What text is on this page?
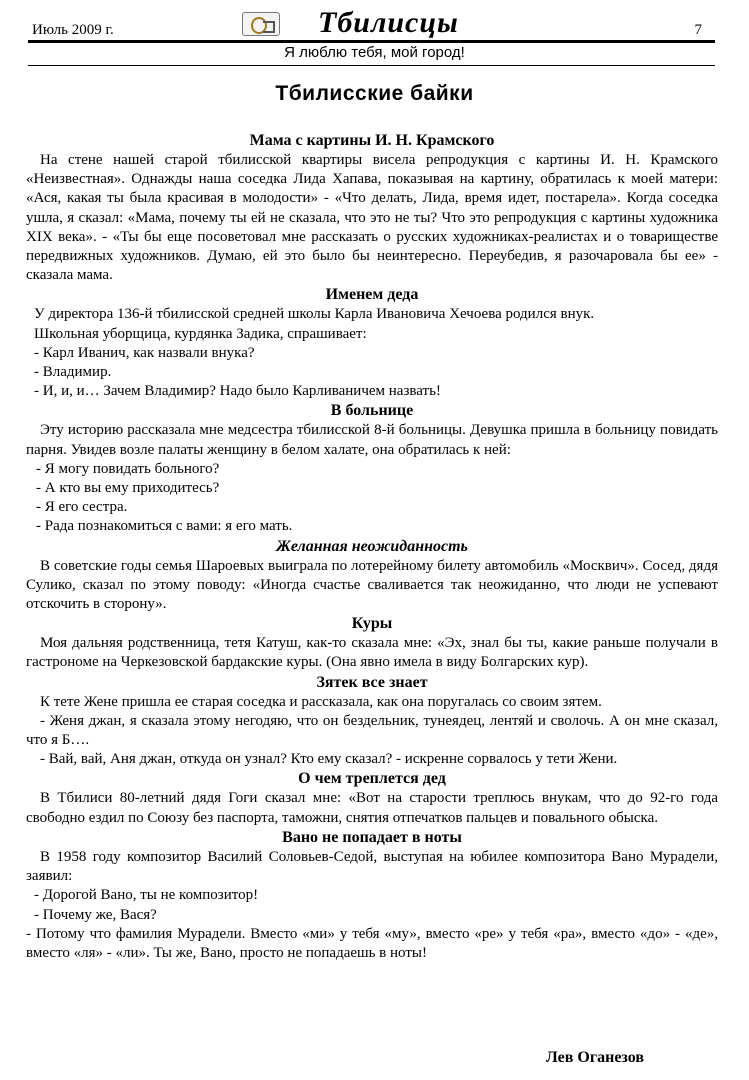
Июль 2009 г.	Тбилисцы	7
Я люблю тебя, мой город!
Тбилисские байки
Мама с картины И. Н. Крамского
На стене нашей старой тбилисской квартиры висела репродукция с картины И. Н. Крамского «Неизвестная». Однажды наша соседка Лида Хапава, показывая на картину, обратилась к моей матери: «Ася, какая ты была красивая в молодости» - «Что делать, Лида, время идет, постарела». Когда соседка ушла, я сказал: «Мама, почему ты ей не сказала, что это не ты? Что это репродукция с картины художника XIX века». - «Ты бы еще посоветовал мне рассказать о русских художниках-реалистах и о товариществе передвижных художников. Думаю, ей это было бы неинтересно. Переубедив, я разочаровала бы ее» - сказала мама.
Именем деда
У директора 136-й тбилисской средней школы Карла Ивановича Хечоева родился внук.
Школьная уборщица, курдянка Задика, спрашивает:
- Карл Иванич, как назвали внука?
- Владимир.
- И, и, и… Зачем Владимир? Надо было Карливаничем назвать!
В больнице
Эту историю рассказала мне медсестра тбилисской 8-й больницы. Девушка пришла в больницу повидать парня. Увидев возле палаты женщину в белом халате, она обратилась к ней:
- Я могу повидать больного?
- А кто вы ему приходитесь?
- Я его сестра.
- Рада познакомиться с вами: я его мать.
Желанная неожиданность
В советские годы семья Шароевых выиграла по лотерейному билету автомобиль «Москвич». Сосед, дядя Сулико, сказал по этому поводу: «Иногда счастье сваливается так неожиданно, что люди не успевают отскочить в сторону».
Куры
Моя дальняя родственница, тетя Катуш, как-то сказала мне: «Эх, знал бы ты, какие раньше получали в гастрономе на Черкезовской бардакские куры. (Она явно имела в виду Болгарских кур).
Зятек все знает
К тете Жене пришла ее старая соседка и рассказала, как она поругалась со своим зятем.
- Женя джан, я сказала этому негодяю, что он бездельник, тунеядец, лентяй и сволочь. А он мне сказал, что я Б….
- Вай, вай, Аня джан, откуда он узнал? Кто ему сказал? - искренне сорвалось у тети Жени.
О чем треплется дед
В Тбилиси 80-летний дядя Гоги сказал мне: «Вот на старости треплюсь внукам, что до 92-го года свободно ездил по Союзу без паспорта, таможни, снятия отпечатков пальцев и повального обыска.
Вано не попадает в ноты
В 1958 году композитор Василий Соловьев-Седой, выступая на юбилее композитора Вано Мурадели, заявил:
- Дорогой Вано, ты не композитор!
- Почему же, Вася?
- Потому что фамилия Мурадели. Вместо «ми» у тебя «му», вместо «ре» у тебя «ра», вместо «до» - «де», вместо «ля» - «ли». Ты же, Вано, просто не попадаешь в ноты!
Лев Оганезов
